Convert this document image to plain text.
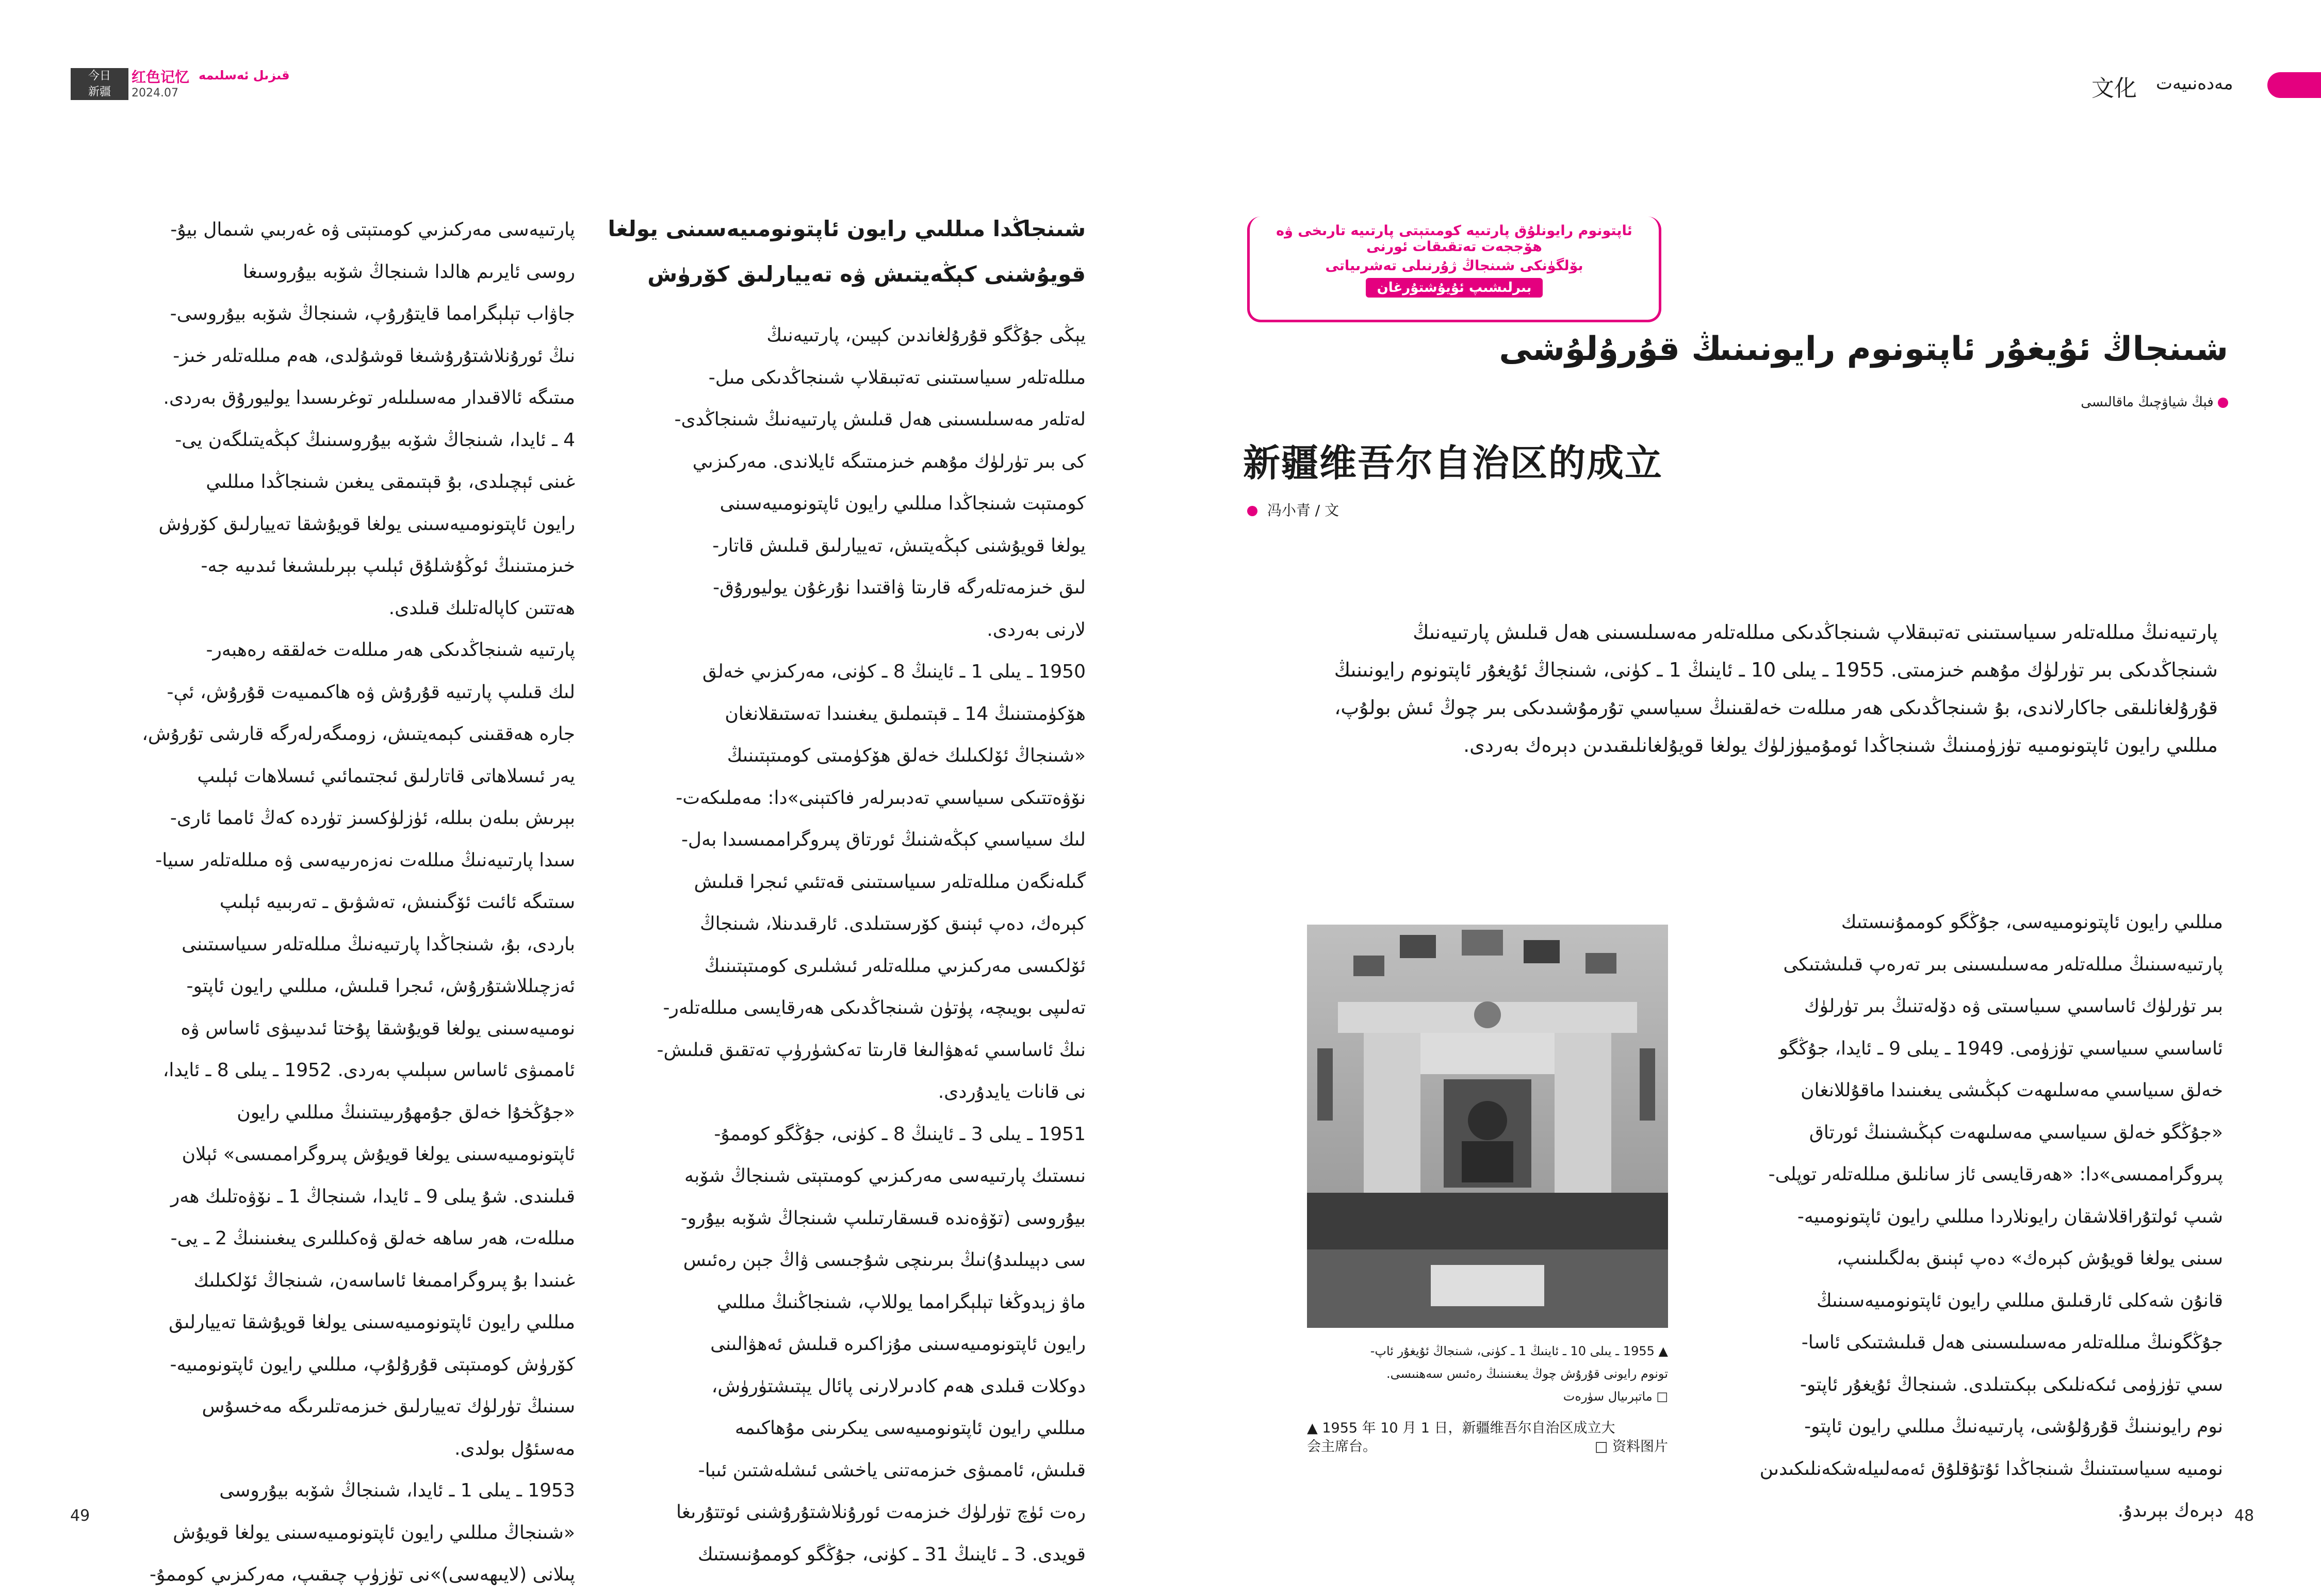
今日
新疆
红色记忆 قىزىل ئەسلىمە
2024.07	文化 مەدەنىيەت
49	48
ئاپتونوم رايونلۇق پارتىيە كومىتېتى پارتىيە تارىخى ۋە ھۆججەت تەتقىقات ئورنى
بۆلگۈنكى شىنجاڭ ژۇرنىلى تەشرىياتى
بىرلىشىپ ئۇيۇشتۇرغان
شىنجاڭ ئۇيغۇر ئاپتونوم رايونىنىڭ قۇرۇلۇشى
فېڭ شياۋچىڭ ماقالىسى
新疆维吾尔自治区的成立
冯小青 / 文
پارتىيەنىڭ مىللەتلەر سىياسىتىنى تەتبىقلاپ شىنجاڭدىكى مىللەتلەر مەسىلىسىنى ھەل قىلىش پارتىيەنىڭ
شىنجاڭدىكى بىر تۈرلۈك مۇھىم خىزمىتى. 1955 ـ يىلى 10 ـ ئاينىڭ 1 ـ كۈنى، شىنجاڭ ئۇيغۇر ئاپتونوم رايونىنىڭ
قۇرۇلغانلىقى جاكارلاندى، بۇ شىنجاڭدىكى ھەر مىللەت خەلقىنىڭ سىياسىي تۇرمۇشىدىكى بىر چوڭ ئىش بولۇپ،
مىللىي رايون ئاپتونومىيە تۈزۈمىنىڭ شىنجاڭدا ئومۇميۈزلۈك يولغا قويۇلغانلىقىدىن دېرەك بەردى.
▲ 1955 ـ يىلى 10 ـ ئاينىڭ 1 ـ كۈنى، شىنجاڭ ئۇيغۇر ئاپ-
تونوم رايونى قۇرۇش چوڭ يىغىنىنىڭ رەئىس سەھنىسى.
□ ماتېرىيال سۈرەت
▲ 1955 年 10 月 1 日，新疆维吾尔自治区成立大
会主席台。	□ 资料图片
مىللىي رايون ئاپتونومىيەسى، جۇڭگو كوممۇنىستىك
پارتىيەسىنىڭ مىللەتلەر مەسىلىسىنى بىر تەرەپ قىلىشتىكى
بىر تۈرلۈك ئاساسىي سىياسىتى ۋە دۆلەتنىڭ بىر تۈرلۈك
ئاساسىي سىياسىي تۈزۈمى. 1949 ـ يىلى 9 ـ ئايدا، جۇڭگو
خەلق سىياسىي مەسلىھەت كېڭىشى يىغىنىدا ماقۇللانغان
«جۇڭگو خەلق سىياسىي مەسلىھەت كېڭىشىنىڭ ئورتاق
پىروگراممىسى»دا: «ھەرقايسى ئاز سانلىق مىللەتلەر توپلى-
شىپ ئولتۇراقلاشقان رايونلاردا مىللىي رايون ئاپتونومىيە-
سىنى يولغا قويۇش كېرەك» دەپ ئېنىق بەلگىلىنىپ،
قانۇن شەكلى ئارقىلىق مىللىي رايون ئاپتونومىيەسىنىڭ
جۇڭگونىڭ مىللەتلەر مەسىلىسىنى ھەل قىلىشتىكى ئاسا-
سىي تۈزۈمى ئىكەنلىكى بېكىتىلدى. شىنجاڭ ئۇيغۇر ئاپتو-
نوم رايونىنىڭ قۇرۇلۇشى، پارتىيەنىڭ مىللىي رايون ئاپتو-
نومىيە سىياسىتىنىڭ شىنجاڭدا ئۇتۇقلۇق ئەمەلىيلەشكەنلىكىدىن
دېرەك بېرىدۇ.
شىنجاڭدا مىللىي رايون ئاپتونومىيەسىنى يولغا
قويۇشنى كېڭەيتىش ۋە تەييارلىق كۆرۈش
يېڭى جۇڭگو قۇرۇلغاندىن كېيىن، پارتىيەنىڭ
مىللەتلەر سىياسىتىنى تەتبىقلاپ شىنجاڭدىكى مىل-
لەتلەر مەسىلىسىنى ھەل قىلىش پارتىيەنىڭ شىنجاڭدى-
كى بىر تۈرلۈك مۇھىم خىزمىتىگە ئايلاندى. مەركىزىي
كومىتېت شىنجاڭدا مىللىي رايون ئاپتونومىيەسىنى
يولغا قويۇشنى كېڭەيتىش، تەييارلىق قىلىش قاتار-
لىق خىزمەتلەرگە قارىتا ۋاقتىدا نۇرغۇن يوليورۇق-
لارنى بەردى.
1950 ـ يىلى 1 ـ ئاينىڭ 8 ـ كۈنى، مەركىزىي خەلق
ھۆكۈمىتىنىڭ 14 ـ قېتىملىق يىغىنىدا تەستىقلانغان
«شىنجاڭ ئۆلكىلىك خەلق ھۆكۈمىتى كومىتېتىنىڭ
نۆۋەتتىكى سىياسىي تەدبىرلەر فاكتېنى»دا: مەملىكەت-
لىك سىياسىي كېڭەشنىڭ ئورتاق پىروگراممىسىدا بەل-
گىلەنگەن مىللەتلەر سىياسىتىنى قەتئىي ئىجرا قىلىش
كېرەك، دەپ ئېنىق كۆرسىتىلدى. ئارقىدىنلا، شىنجاڭ
ئۆلكىسى مەركىزىي مىللەتلەر ئىشلىرى كومىتېتىنىڭ
تەلىپى بويىچە، پۈتۈن شىنجاڭدىكى ھەرقايسى مىللەتلەر-
نىڭ ئاساسىي ئەھۋالىغا قارىتا تەكشۈرۈپ تەتقىق قىلىش-
نى قانات يايدۇردى.
1951 ـ يىلى 3 ـ ئاينىڭ 8 ـ كۈنى، جۇڭگو كوممۇ-
نىستىك پارتىيەسى مەركىزىي كومىتېتى شىنجاڭ شۆبە
بيۇروسى (تۆۋەندە قىسقارتىلىپ شىنجاڭ شۆبە بيۇرو-
سى دېيىلىدۇ)نىڭ بىرىنچى شۇجىسى ۋاڭ جېن رەئىس
ماۋ زېدوڭغا تېلېگرامما يوللاپ، شىنجاڭنىڭ مىللىي
رايون ئاپتونومىيەسىنى مۇزاكىرە قىلىش ئەھۋالىنى
دوكلات قىلدى ھەم كادىرلارنى پائال يېتىشتۈرۈش،
مىللىي رايون ئاپتونومىيەسى يىكرىنى مۇھاكىمە
قىلىش، ئاممىۋى خىزمەتنى ياخشى ئىشلەشتىن ئىبا-
رەت ئۈچ تۈرلۈك خىزمەت ئورۇنلاشتۇرۇشنى ئوتتۇرىغا
قويدى. 3 ـ ئاينىڭ 31 ـ كۈنى، جۇڭگو كوممۇنىستىك
پارتىيەسى مەركىزىي كومىتېتى ۋە غەربىي شىمال بيۇ-
روسى ئايرىم ھالدا شىنجاڭ شۆبە بيۇروسىغا
جاۋاب تېلېگرامما قايتۇرۇپ، شىنجاڭ شۆبە بيۇروسى-
نىڭ ئورۇنلاشتۇرۇشىغا قوشۇلدى، ھەم مىللەتلەر خىز-
مىتىگە ئالاقىدار مەسىلىلەر توغرىسىدا يوليورۇق بەردى.
4 ـ ئايدا، شىنجاڭ شۆبە بيۇروسىنىڭ كېڭەيتىلگەن يى-
غىنى ئېچىلدى، بۇ قېتىمقى يىغىن شىنجاڭدا مىللىي
رايون ئاپتونومىيەسىنى يولغا قويۇشقا تەييارلىق كۆرۈش
خىزمىتىنىڭ ئوڭۇشلۇق ئېلىپ بېرىلىشىغا ئىدىيە جە-
ھەتتىن كاپالەتلىك قىلدى.
پارتىيە شىنجاڭدىكى ھەر مىللەت خەلققە رەھبەر-
لىك قىلىپ پارتىيە قۇرۇش ۋە ھاكىمىيەت قۇرۇش، ئې-
جارە ھەققىنى كېمەيتىش، زومىگەرلەرگە قارشى تۇرۇش،
يەر ئىسلاھاتى قاتارلىق ئىجتىمائىي ئىسلاھات ئېلىپ
بېرىش بىلەن بىللە، ئۈزلۈكسىز تۈردە كەڭ ئامما ئارى-
سىدا پارتىيەنىڭ مىللەت نەزەرىيەسى ۋە مىللەتلەر سىيا-
سىتىگە ئائىت ئۆگىنىش، تەشۋىق ـ تەربىيە ئېلىپ
باردى، بۇ، شىنجاڭدا پارتىيەنىڭ مىللەتلەر سىياسىتىنى
ئەزچىللاشتۇرۇش، ئىجرا قىلىش، مىللىي رايون ئاپتو-
نومىيەسىنى يولغا قويۇشقا پۇختا ئىدىيىۋى ئاساس ۋە
ئاممىۋى ئاساس سېلىپ بەردى. 1952 ـ يىلى 8 ـ ئايدا،
«جۇڭخۇا خەلق جۇمھۇرىيىتىنىڭ مىللىي رايون
ئاپتونومىيەسىنى يولغا قويۇش پىروگراممىسى» ئېلان
قىلىندى. شۇ يىلى 9 ـ ئايدا، شىنجاڭ 1 ـ نۆۋەتلىك ھەر
مىللەت، ھەر ساھە خەلق ۋەكىللىرى يىغىنىنىڭ 2 ـ يى-
غىنىدا بۇ پىروگراممىغا ئاساسەن، شىنجاڭ ئۆلكىلىك
مىللىي رايون ئاپتونومىيەسىنى يولغا قويۇشقا تەييارلىق
كۆرۈش كومىتېتى قۇرۇلۇپ، مىللىي رايون ئاپتونومىيە-
سىنىڭ تۈرلۈك تەييارلىق خىزمەتلىرىگە مەخسۇس
مەسئۇل بولدى.
1953 ـ يىلى 1 ـ ئايدا، شىنجاڭ شۆبە بيۇروسى
«شىنجاڭ مىللىي رايون ئاپتونومىيەسىنى يولغا قويۇش
پىلانى (لايىھەسى)»نى تۈزۈپ چىقىپ، مەركىزىي كوممۇ-
